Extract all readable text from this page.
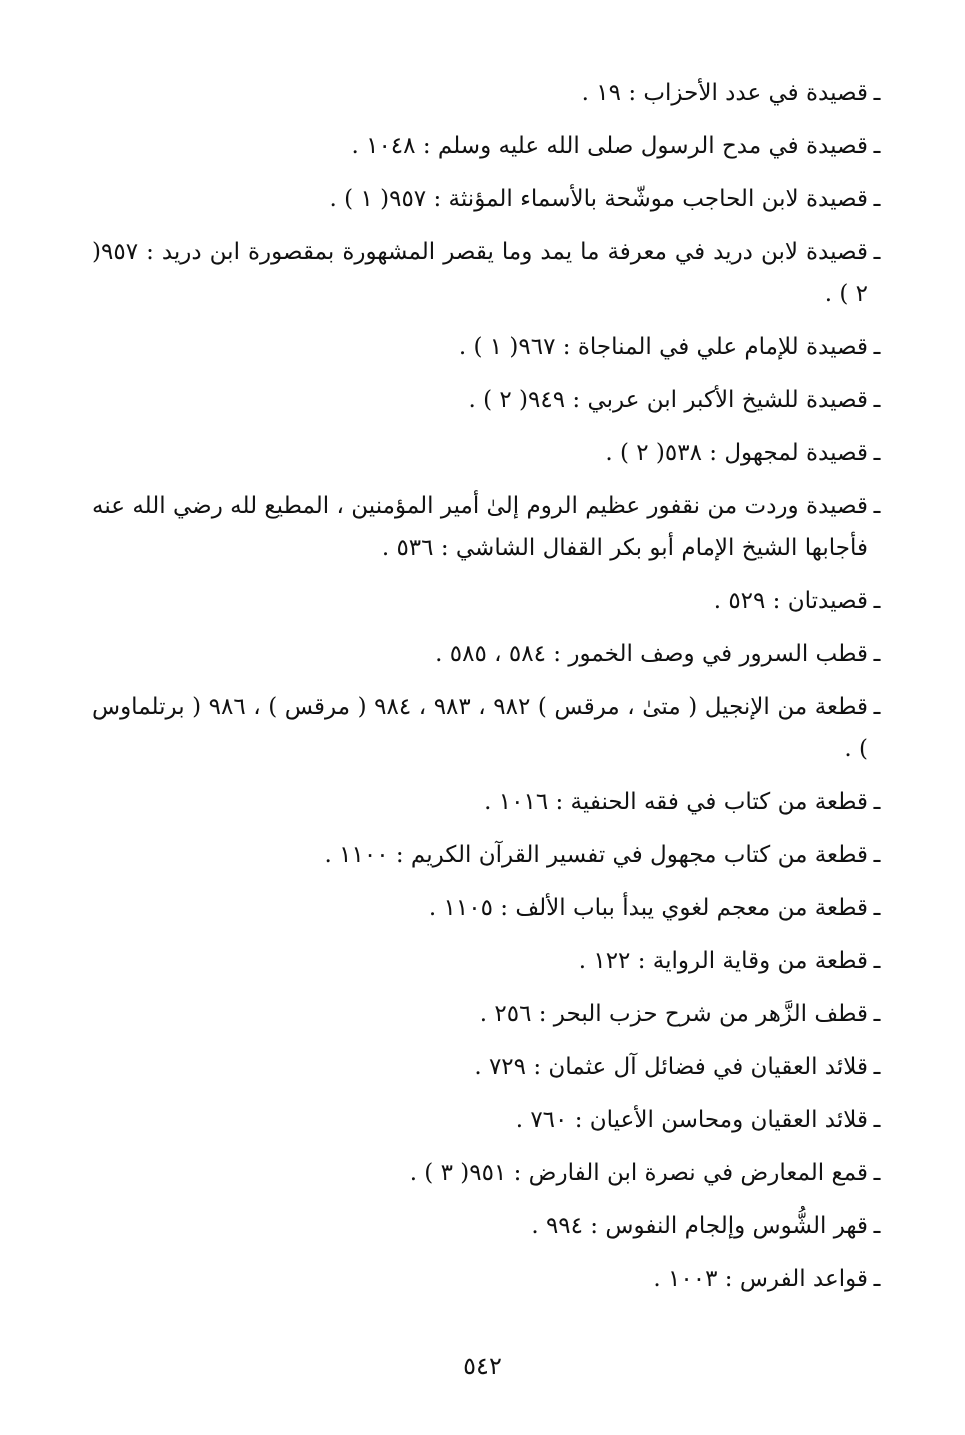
ـ
قصيدة في عدد الأحزاب : ١٩ .
ـ
قصيدة في مدح الرسول صلى الله عليه وسلم : ١٠٤٨ .
ـ
قصيدة لابن الحاجب موشّحة بالأسماء المؤنثة : ٩٥٧( ١ ) .
ـ
قصيدة لابن دريد في معرفة ما يمد وما يقصر المشهورة بمقصورة ابن دريد : ٩٥٧( ٢ ) .
ـ
قصيدة للإمام علي في المناجاة : ٩٦٧( ١ ) .
ـ
قصيدة للشيخ الأكبر ابن عربي : ٩٤٩( ٢ ) .
ـ
قصيدة لمجهول : ٥٣٨( ٢ ) .
ـ
قصيدة وردت من نقفور عظيم الروم إلىٰ أمير المؤمنين ، المطيع لله رضي الله عنه فأجابها الشيخ الإمام أبو بكر القفال الشاشي : ٥٣٦ .
ـ
قصيدتان : ٥٢٩ .
ـ
قطب السرور في وصف الخمور : ٥٨٤ ، ٥٨٥ .
ـ
قطعة من الإنجيل ( متىٰ ، مرقس ) ٩٨٢ ، ٩٨٣ ، ٩٨٤ ( مرقس ) ، ٩٨٦ ( برتلماوس ) .
ـ
قطعة من كتاب في فقه الحنفية : ١٠١٦ .
ـ
قطعة من كتاب مجهول في تفسير القرآن الكريم : ١١٠٠ .
ـ
قطعة من معجم لغوي يبدأ بباب الألف : ١١٠٥ .
ـ
قطعة من وقاية الرواية : ١٢٢ .
ـ
قطف الزَّهر من شرح حزب البحر : ٢٥٦ .
ـ
قلائد العقيان في فضائل آل عثمان : ٧٢٩ .
ـ
قلائد العقيان ومحاسن الأعيان : ٧٦٠ .
ـ
قمع المعارض في نصرة ابن الفارض : ٩٥١( ٣ ) .
ـ
قهر الشُّوس وإلجام النفوس : ٩٩٤ .
ـ
قواعد الفرس : ١٠٠٣ .
٥٤٢
